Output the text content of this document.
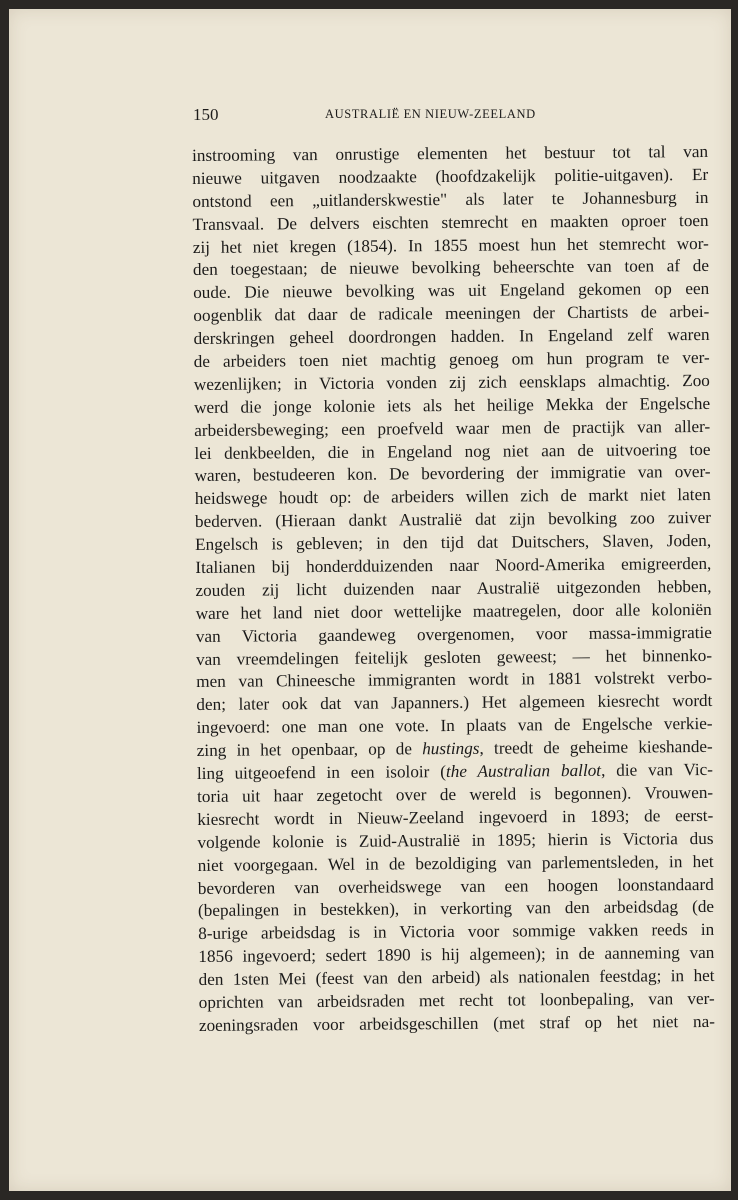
150	AUSTRALIË EN NIEUW-ZEELAND
instrooming van onrustige elementen het bestuur tot tal van
nieuwe uitgaven noodzaakte (hoofdzakelijk politie-uitgaven). Er
ontstond een „uitlanderskwestie" als later te Johannesburg in
Transvaal. De delvers eischten stemrecht en maakten oproer toen
zij het niet kregen (1854). In 1855 moest hun het stemrecht wor-
den toegestaan; de nieuwe bevolking beheerschte van toen af de
oude. Die nieuwe bevolking was uit Engeland gekomen op een
oogenblik dat daar de radicale meeningen der Chartists de arbei-
derskringen geheel doordrongen hadden. In Engeland zelf waren
de arbeiders toen niet machtig genoeg om hun program te ver-
wezenlijken; in Victoria vonden zij zich eensklaps almachtig. Zoo
werd die jonge kolonie iets als het heilige Mekka der Engelsche
arbeidersbeweging; een proefveld waar men de practijk van aller-
lei denkbeelden, die in Engeland nog niet aan de uitvoering toe
waren, bestudeeren kon. De bevordering der immigratie van over-
heidswege houdt op: de arbeiders willen zich de markt niet laten
bederven. (Hieraan dankt Australië dat zijn bevolking zoo zuiver
Engelsch is gebleven; in den tijd dat Duitschers, Slaven, Joden,
Italianen bij honderdduizenden naar Noord-Amerika emigreerden,
zouden zij licht duizenden naar Australië uitgezonden hebben,
ware het land niet door wettelijke maatregelen, door alle koloniën
van Victoria gaandeweg overgenomen, voor massa-immigratie
van vreemdelingen feitelijk gesloten geweest; — het binnenko-
men van Chineesche immigranten wordt in 1881 volstrekt verbo-
den; later ook dat van Japanners.) Het algemeen kiesrecht wordt
ingevoerd: one man one vote. In plaats van de Engelsche verkie-
zing in het openbaar, op de hustings, treedt de geheime kieshande-
ling uitgeoefend in een isoloir (the Australian ballot, die van Vic-
toria uit haar zegetocht over de wereld is begonnen). Vrouwen-
kiesrecht wordt in Nieuw-Zeeland ingevoerd in 1893; de eerst-
volgende kolonie is Zuid-Australië in 1895; hierin is Victoria dus
niet voorgegaan. Wel in de bezoldiging van parlementsleden, in het
bevorderen van overheidswege van een hoogen loonstandaard
(bepalingen in bestekken), in verkorting van den arbeidsdag (de
8-urige arbeidsdag is in Victoria voor sommige vakken reeds in
1856 ingevoerd; sedert 1890 is hij algemeen); in de aanneming van
den 1sten Mei (feest van den arbeid) als nationalen feestdag; in het
oprichten van arbeidsraden met recht tot loonbepaling, van ver-
zoeningsraden voor arbeidsgeschillen (met straf op het niet na-
